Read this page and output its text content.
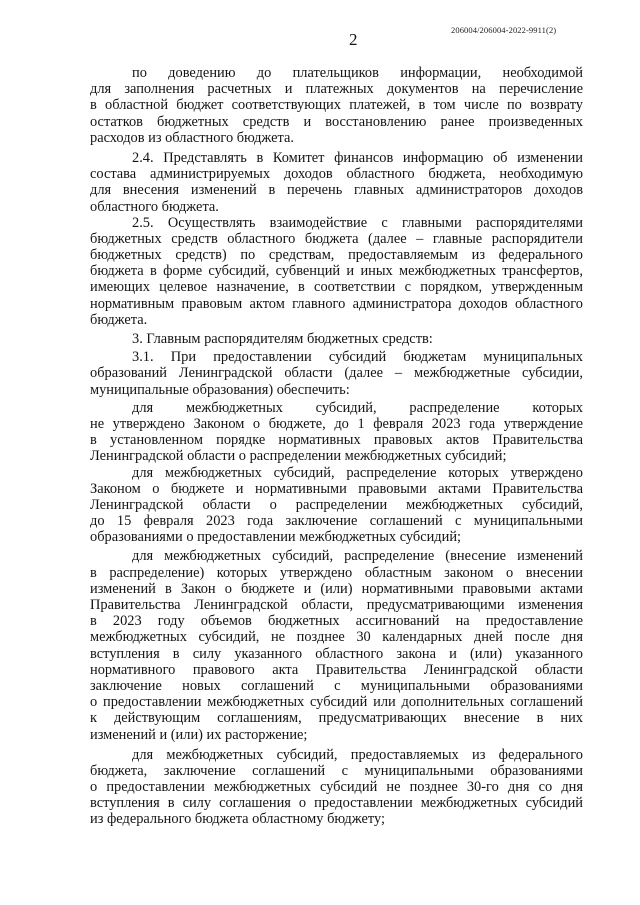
206004/206004-2022-9911(2)
2
по доведению до плательщиков информации, необходимой
для заполнения расчетных и платежных документов на перечисление
в областной бюджет соответствующих платежей, в том числе по возврату
остатков бюджетных средств и восстановлению ранее произведенных
расходов из областного бюджета.
2.4. Представлять в Комитет финансов информацию об изменении
состава администрируемых доходов областного бюджета, необходимую
для внесения изменений в перечень главных администраторов доходов
областного бюджета.
2.5. Осуществлять взаимодействие с главными распорядителями
бюджетных средств областного бюджета (далее – главные распорядители
бюджетных средств) по средствам, предоставляемым из федерального
бюджета в форме субсидий, субвенций и иных межбюджетных трансфертов,
имеющих целевое назначение, в соответствии с порядком, утвержденным
нормативным правовым актом главного администратора доходов областного
бюджета.
3. Главным распорядителям бюджетных средств:
3.1. При предоставлении субсидий бюджетам муниципальных
образований Ленинградской области (далее – межбюджетные субсидии,
муниципальные образования) обеспечить:
для межбюджетных субсидий, распределение которых
не утверждено Законом о бюджете, до 1 февраля 2023 года утверждение
в установленном порядке нормативных правовых актов Правительства
Ленинградской области о распределении межбюджетных субсидий;
для межбюджетных субсидий, распределение которых утверждено
Законом о бюджете и нормативными правовыми актами Правительства
Ленинградской области о распределении межбюджетных субсидий,
до 15 февраля 2023 года заключение соглашений с муниципальными
образованиями о предоставлении межбюджетных субсидий;
для межбюджетных субсидий, распределение (внесение изменений
в распределение) которых утверждено областным законом о внесении
изменений в Закон о бюджете и (или) нормативными правовыми актами
Правительства Ленинградской области, предусматривающими изменения
в 2023 году объемов бюджетных ассигнований на предоставление
межбюджетных субсидий, не позднее 30 календарных дней после дня
вступления в силу указанного областного закона и (или) указанного
нормативного правового акта Правительства Ленинградской области
заключение новых соглашений с муниципальными образованиями
о предоставлении межбюджетных субсидий или дополнительных соглашений
к действующим соглашениям, предусматривающих внесение в них
изменений и (или) их расторжение;
для межбюджетных субсидий, предоставляемых из федерального
бюджета, заключение соглашений с муниципальными образованиями
о предоставлении межбюджетных субсидий не позднее 30-го дня со дня
вступления в силу соглашения о предоставлении межбюджетных субсидий
из федерального бюджета областному бюджету;
